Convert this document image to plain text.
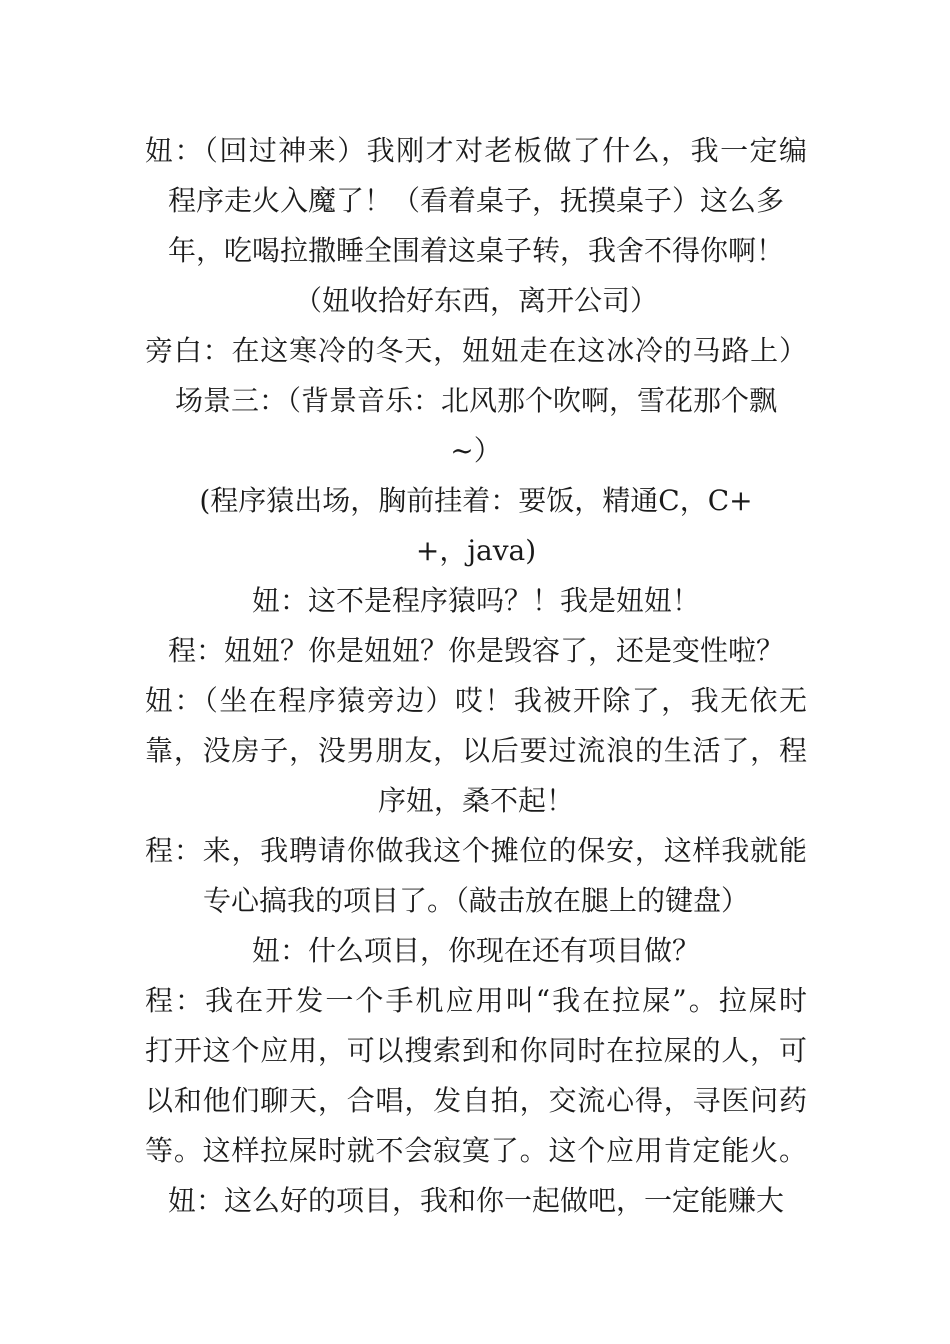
妞：（回过神来）我刚才对老板做了什么，我一定编
程序走火入魔了！（看着桌子，抚摸桌子）这么多
年，吃喝拉撒睡全围着这桌子转，我舍不得你啊！
（妞收拾好东西，离开公司）
旁白：在这寒冷的冬天，妞妞走在这冰冷的马路上）
场景三：（背景音乐：北风那个吹啊，雪花那个飘
~）
(程序猿出场，胸前挂着：要饭，精通C，C+
+，java)
妞：这不是程序猿吗？！我是妞妞！
程：妞妞？你是妞妞？你是毁容了，还是变性啦？
妞：（坐在程序猿旁边）哎！我被开除了，我无依无
靠，没房子，没男朋友，以后要过流浪的生活了，程
序妞，桑不起！
程：来，我聘请你做我这个摊位的保安，这样我就能
专心搞我的项目了。（敲击放在腿上的键盘）
妞：什么项目，你现在还有项目做？
程：我在开发一个手机应用叫“我在拉屎”。拉屎时
打开这个应用，可以搜索到和你同时在拉屎的人，可
以和他们聊天，合唱，发自拍，交流心得，寻医问药
等。这样拉屎时就不会寂寞了。这个应用肯定能火。
妞：这么好的项目，我和你一起做吧，一定能赚大
